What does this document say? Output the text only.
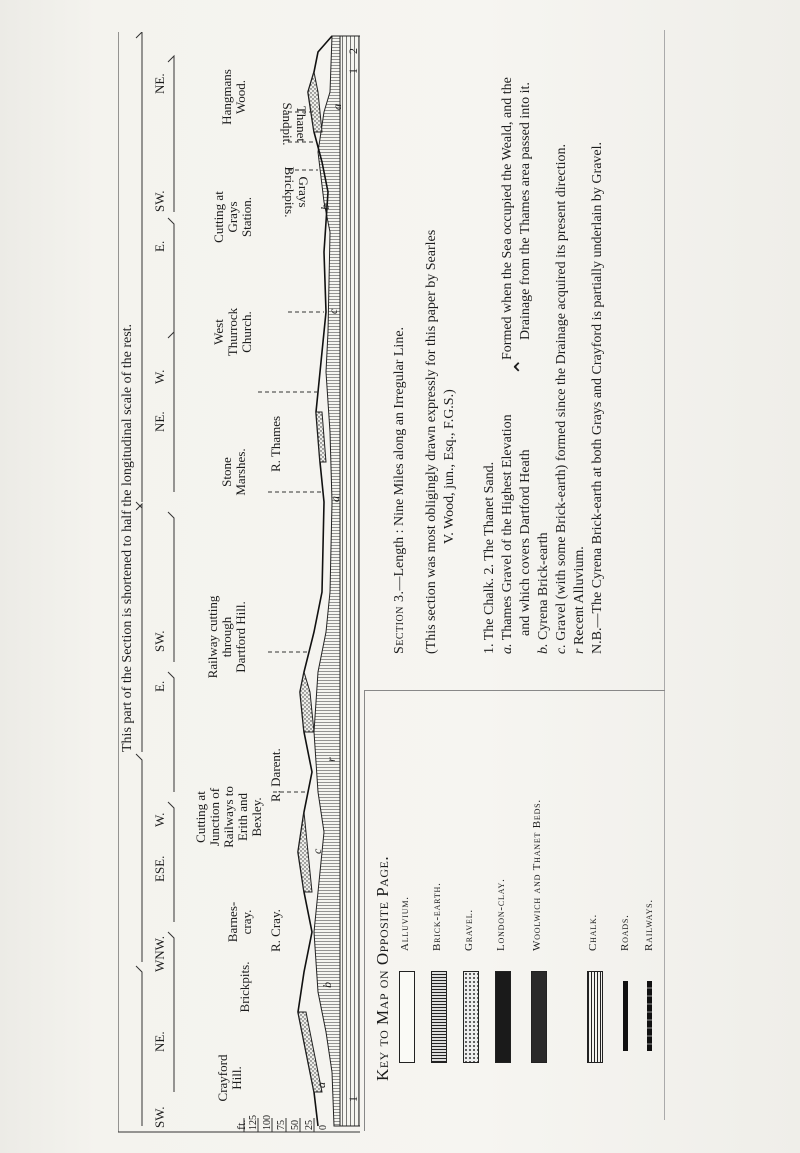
This part of the Section is shortened to half the longitudinal scale of the rest.
SW.
NE.
WNW.
ESE.
W.
E.
SW.
NE.
W.
E.
SW.
NE.
Crayford Hill.
Brickpits.
Barnes- cray.
Cutting at Junction of Railways to Erith and Bexley.
Railway cutting through Dartford Hill.
Stone Marshes.
West Thurrock Church.
Cutting at Grays Station.
Hangmans Wood.
R. Cray.
R. Darent.
R. Thames
Grays
Brickpits.
Thanet
Sandpit.	a
b
c
a
r
c
b
a
1
2
1
ft. 125 100 75 50 25 0
Section 3.—Length : Nine Miles along an Irregular Line. (This section was most obligingly drawn expressly for this paper by Searles V. Wood, jun., Esq., F.G.S.) 1. The Chalk. 2. The Thanet Sand. a. Thames Gravel of the Highest Elevation and which covers Dartford Heath
b. Cyrena Brick-earth
⌃
Formed when the Sea occupied the Weald, and the Drainage from the Thames area passed into it.
c. Gravel (with some Brick-earth) formed since the Drainage acquired its present direction.
r Recent Alluvium. N.B.—The Cyrena Brick-earth at both Grays and Crayford is partially underlain by Gravel.
Key to Map on Opposite Page. Alluvium. Brick-earth. Gravel. London-clay. Woolwich and Thanet Beds.	Chalk. Roads. Railways.
